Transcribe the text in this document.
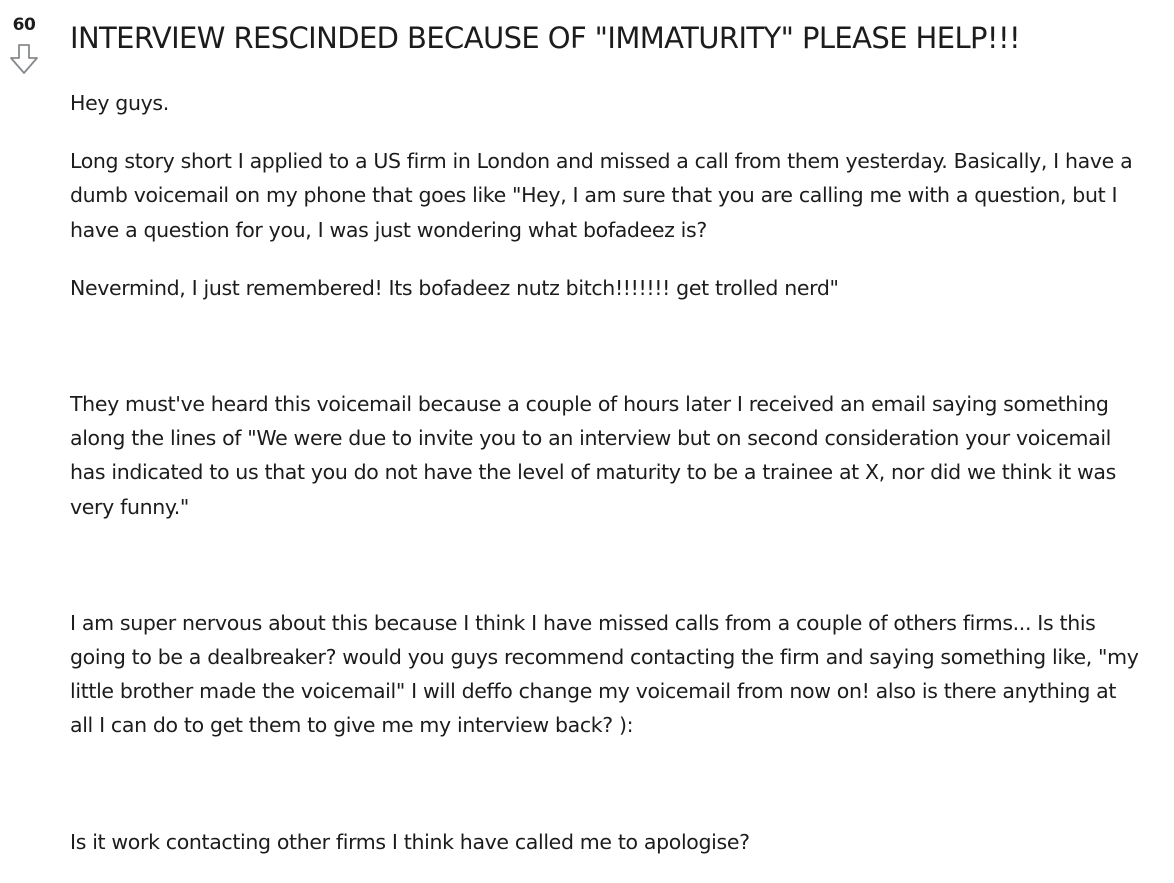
60	INTERVIEW RESCINDED BECAUSE OF "IMMATURITY" PLEASE HELP!!!

Hey guys.

Long story short I applied to a US firm in London and missed a call from them yesterday. Basically, I have a dumb voicemail on my phone that goes like "Hey, I am sure that you are calling me with a question, but I have a question for you, I was just wondering what bofadeez is?

Nevermind, I just remembered! Its bofadeez nutz bitch!!!!!!! get trolled nerd"

They must've heard this voicemail because a couple of hours later I received an email saying something along the lines of "We were due to invite you to an interview but on second consideration your voicemail has indicated to us that you do not have the level of maturity to be a trainee at X, nor did we think it was very funny."

I am super nervous about this because I think I have missed calls from a couple of others firms... Is this going to be a dealbreaker? would you guys recommend contacting the firm and saying something like, "my little brother made the voicemail" I will deffo change my voicemail from now on! also is there anything at all I can do to get them to give me my interview back? ):

Is it work contacting other firms I think have called me to apologise?
